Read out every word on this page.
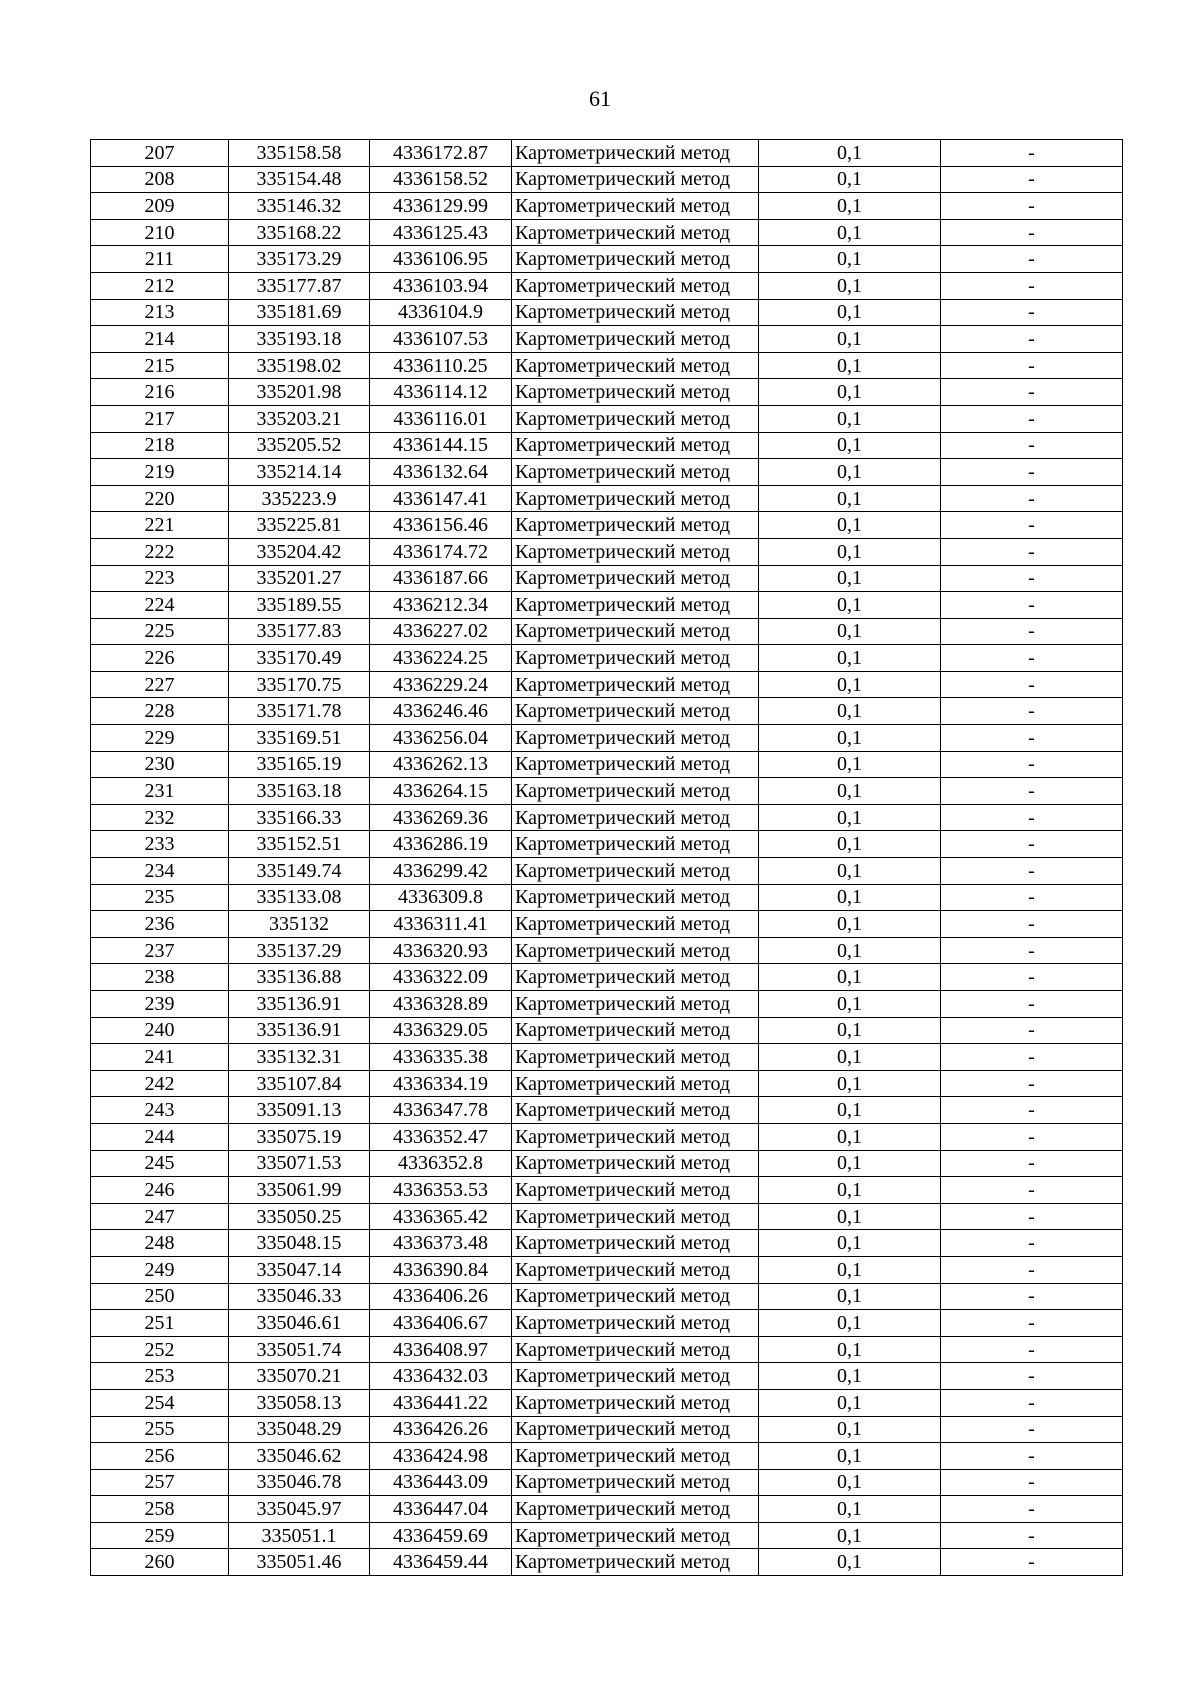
61
207	335158.58	4336172.87	Картометрический метод	0,1	-
208	335154.48	4336158.52	Картометрический метод	0,1	-
209	335146.32	4336129.99	Картометрический метод	0,1	-
210	335168.22	4336125.43	Картометрический метод	0,1	-
211	335173.29	4336106.95	Картометрический метод	0,1	-
212	335177.87	4336103.94	Картометрический метод	0,1	-
213	335181.69	4336104.9	Картометрический метод	0,1	-
214	335193.18	4336107.53	Картометрический метод	0,1	-
215	335198.02	4336110.25	Картометрический метод	0,1	-
216	335201.98	4336114.12	Картометрический метод	0,1	-
217	335203.21	4336116.01	Картометрический метод	0,1	-
218	335205.52	4336144.15	Картометрический метод	0,1	-
219	335214.14	4336132.64	Картометрический метод	0,1	-
220	335223.9	4336147.41	Картометрический метод	0,1	-
221	335225.81	4336156.46	Картометрический метод	0,1	-
222	335204.42	4336174.72	Картометрический метод	0,1	-
223	335201.27	4336187.66	Картометрический метод	0,1	-
224	335189.55	4336212.34	Картометрический метод	0,1	-
225	335177.83	4336227.02	Картометрический метод	0,1	-
226	335170.49	4336224.25	Картометрический метод	0,1	-
227	335170.75	4336229.24	Картометрический метод	0,1	-
228	335171.78	4336246.46	Картометрический метод	0,1	-
229	335169.51	4336256.04	Картометрический метод	0,1	-
230	335165.19	4336262.13	Картометрический метод	0,1	-
231	335163.18	4336264.15	Картометрический метод	0,1	-
232	335166.33	4336269.36	Картометрический метод	0,1	-
233	335152.51	4336286.19	Картометрический метод	0,1	-
234	335149.74	4336299.42	Картометрический метод	0,1	-
235	335133.08	4336309.8	Картометрический метод	0,1	-
236	335132	4336311.41	Картометрический метод	0,1	-
237	335137.29	4336320.93	Картометрический метод	0,1	-
238	335136.88	4336322.09	Картометрический метод	0,1	-
239	335136.91	4336328.89	Картометрический метод	0,1	-
240	335136.91	4336329.05	Картометрический метод	0,1	-
241	335132.31	4336335.38	Картометрический метод	0,1	-
242	335107.84	4336334.19	Картометрический метод	0,1	-
243	335091.13	4336347.78	Картометрический метод	0,1	-
244	335075.19	4336352.47	Картометрический метод	0,1	-
245	335071.53	4336352.8	Картометрический метод	0,1	-
246	335061.99	4336353.53	Картометрический метод	0,1	-
247	335050.25	4336365.42	Картометрический метод	0,1	-
248	335048.15	4336373.48	Картометрический метод	0,1	-
249	335047.14	4336390.84	Картометрический метод	0,1	-
250	335046.33	4336406.26	Картометрический метод	0,1	-
251	335046.61	4336406.67	Картометрический метод	0,1	-
252	335051.74	4336408.97	Картометрический метод	0,1	-
253	335070.21	4336432.03	Картометрический метод	0,1	-
254	335058.13	4336441.22	Картометрический метод	0,1	-
255	335048.29	4336426.26	Картометрический метод	0,1	-
256	335046.62	4336424.98	Картометрический метод	0,1	-
257	335046.78	4336443.09	Картометрический метод	0,1	-
258	335045.97	4336447.04	Картометрический метод	0,1	-
259	335051.1	4336459.69	Картометрический метод	0,1	-
260	335051.46	4336459.44	Картометрический метод	0,1	-
